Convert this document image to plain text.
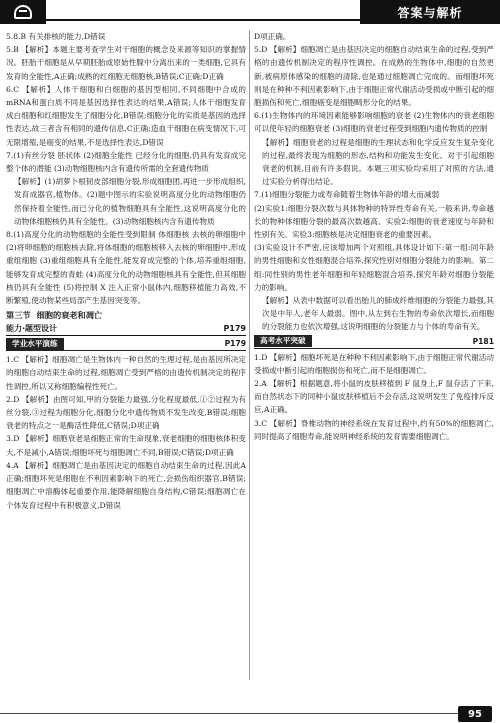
答案与解析
5.8.B 有关排核的能力,D错误
5.B 【解析】本题主要考查学生对干细胞的概念及来源等知识的掌握情况。胚胎干细胞是从早期胚胎或原始性腺中分离出来的一类细胞,它具有发育的全能性,A正确;成熟的红细胞无细胞核,B错误;C正确;D正确
6.C 【解析】人体干细胞和白细胞的基因型相同,不同细胞中合成的mRNA和蛋白质不同是基因选择性表达的结果,A错误;人体干细胞发育成白细胞和红细胞发生了细胞分化,B错误;细胞分化的实质是基因的选择性表达,故三者含有相同的遗传信息,C正确;造血干细胞在病变情况下,可无限增殖,是癌变的结果,不是选择性表达,D错误
7.(1)有丝分裂 胚状体 (2)细胞全能性 已经分化的细胞,仍具有发育成完整个体的潜能 (3)动物细胞核内含有遗传所需的全套遗传物质
【解析】(1)胡萝卜根韧皮部细胞分裂,形成细胞团,再进一步形成组织,发育成器官,植物体。(2)题中图示的实验说明高度分化的动物细胞仍然保持着全能性,而已分化的植物细胞具有全能性,这说明高度分化的动物体细胞核仍具有全能性。(3)动物细胞核内含有遗传物质
8.(1)高度分化的动物细胞的全能性受到限制 体细胞核 去核的卵细胞中 (2)将卵细胞的细胞核去除,将体细胞的细胞核移入去核的卵细胞中,形成重组细胞 (3)重组细胞具有全能性,能发育成完整的个体,培养重组细胞,能够发育成完整的青蛙 (4)高度分化的动物细胞核具有全能性,但其细胞核仍具有全能性 (5)将控制 X 注入正常小鼠体内,细胞移植能力高效,不断繁殖,使动物某些局部产生基因突变等。
第三节 细胞的衰老和凋亡
能力·题型设计	P179
学业水平演练	P179
1.C 【解析】细胞凋亡是生物体内一种自然的生理过程,是由基因所决定的细胞自动结束生命的过程,细胞凋亡受到严格的由遗传机制决定的程序性调控,所以又称细胞编程性死亡。
2.D 【解析】由图可知,甲的分裂能力最强,分化程度最低,①②过程为有丝分裂,③过程为细胞分化,细胞分化中遗传物质不发生改变,B错误;细胞衰老的特点之一是酶活性降低,C错误;D项正确
3.D 【解析】细胞衰老是细胞正常的生命现象,衰老细胞的细胞核体积变大,不是减小,A错误;细胞坏死与细胞凋亡不同,B错误;C错误;D项正确
4.A 【解析】细胞凋亡是由基因决定的细胞自动结束生命的过程,因此A正确;细胞坏死是细胞在不利因素影响下的死亡,会损伤组织器官,B错误;细胞凋亡中溶酶体起重要作用,能降解细胞自身结构,C错误;细胞凋亡在个体发育过程中有积极意义,D错误
D项正确。
5.D 【解析】细胞凋亡是由基因决定的细胞自动结束生命的过程,受到严格的由遗传机制决定的程序性调控。在成熟的生物体中,细胞的自然更新,被病原体感染的细胞的清除,也是通过细胞凋亡完成的。而细胞坏死则是在种种不利因素影响下,由于细胞正常代谢活动受损或中断引起的细胞损伤和死亡,细胞癌变是细胞畸形分化的结果。
6.(1)生物体内的环境因素能够影响细胞的衰老 (2)生物体内的衰老细胞可以使年轻的细胞衰老 (3)细胞的衰老过程受到细胞内遗传物质的控制
【解析】细胞衰老的过程是细胞的生理状态和化学反应发生复杂变化的过程,最终表现为细胞的形态,结构和功能发生变化。对于引起细胞衰老的机制,目前有许多假说。本题三项实验均采用了对照的方法,通过实验分析得出结论。
7.(1)细胞分裂能力或寿命随着生物体年龄的增大而减弱
(2)实验1:细胞分裂次数与具体物种的特异性寿命有关,一般来讲,寿命越长的物种体细胞分裂的最高次数越高。实验2:细胞的衰老速度与年龄和性别有关。实验3:细胞核是决定细胞衰老的重要因素。
(3)实验设计不严密,应该增加两个对照组,具体设计如下:第一组:同年龄的男性细胞和女性细胞混合培养,探究性别对细胞分裂能力的影响。第二组:同性别的男性老年细胞和年轻细胞混合培养,探究年龄对细胞分裂能力的影响。
【解析】从表中数据可以看出胎儿的肺成纤维细胞的分裂能力最强,其次是中年人,老年人最弱。图中,从左到右生物的寿命依次增长,而细胞的分裂能力也依次增强,这说明细胞的分裂能力与个体的寿命有关。
高考水平突破	P181
1.D 【解析】细胞坏死是在种种不利因素影响下,由于细胞正常代谢活动受损或中断引起的细胞损伤和死亡,而不是细胞凋亡。
2.A 【解析】根据题意,将小鼠的皮肤移植到 F 鼠身上,F 鼠存活了下来,而自然状态下的同种小鼠皮肤移植后不会存活,这说明发生了免疫排斥反应,A正确。
3.C 【解析】脊椎动物的神经系统在发育过程中,约有50%的细胞凋亡,同时提高了细胞寿命,能说明神经系统的发育需要细胞凋亡。
95
